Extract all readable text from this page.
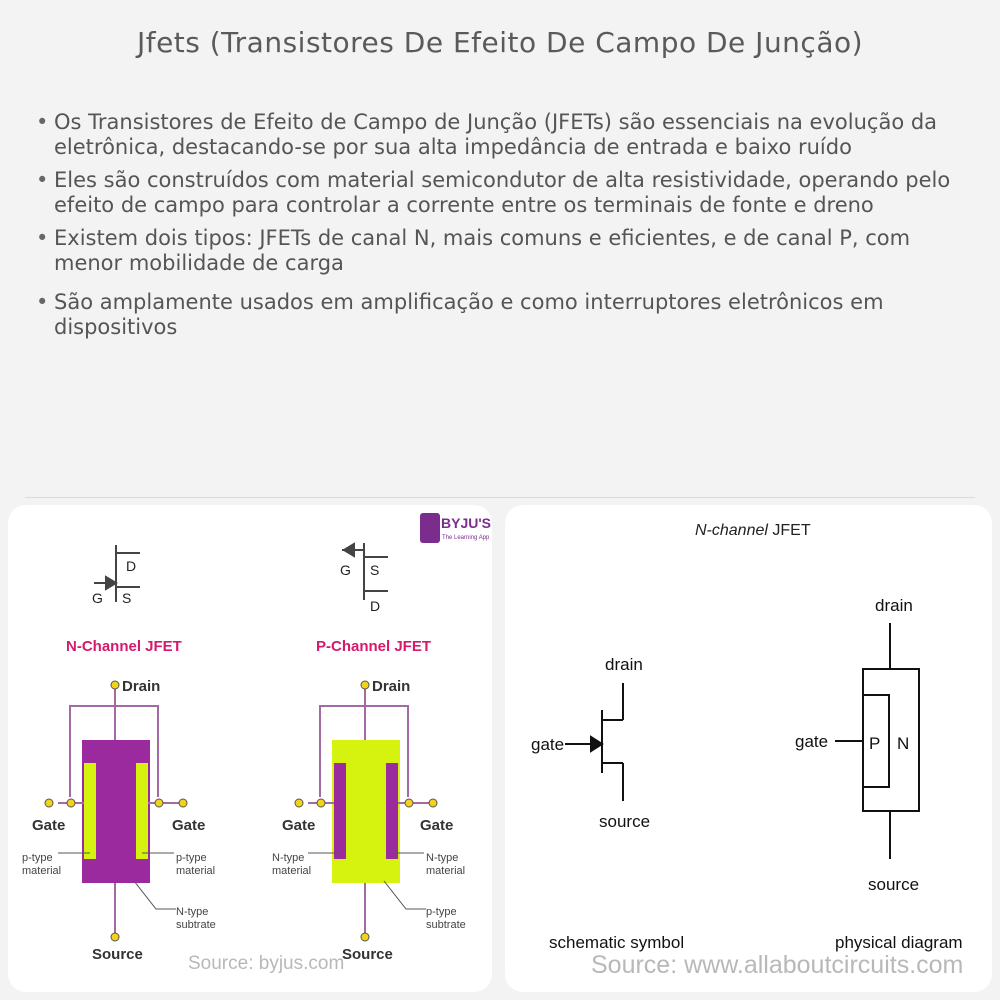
Jfets (Transistores De Efeito De Campo De Junção)
• Os Transistores de Efeito de Campo de Junção (JFETs) são essenciais na evolução da eletrônica, destacando-se por sua alta impedância de entrada e baixo ruído
• Eles são construídos com material semicondutor de alta resistividade, operando pelo efeito de campo para controlar a corrente entre os terminais de fonte e dreno
• Existem dois tipos: JFETs de canal N, mais comuns e eficientes, e de canal P, com menor mobilidade de carga
• São amplamente usados em amplificação e como interruptores eletrônicos em dispositivos
BYJU'S
The Learning App
D
G S
G S
D
N-Channel JFET	P-Channel JFET
Drain
Gate	Gate
p-type
material
p-type
material
N-type
subtrate
Source
Drain
Gate	Gate
N-type
material
N-type
material
p-type
subtrate
Source
Source: byjus.com
N-channel JFET
drain
gate
source
drain
gate P N
source
schematic symbol	physical diagram
Source: www.allaboutcircuits.com
